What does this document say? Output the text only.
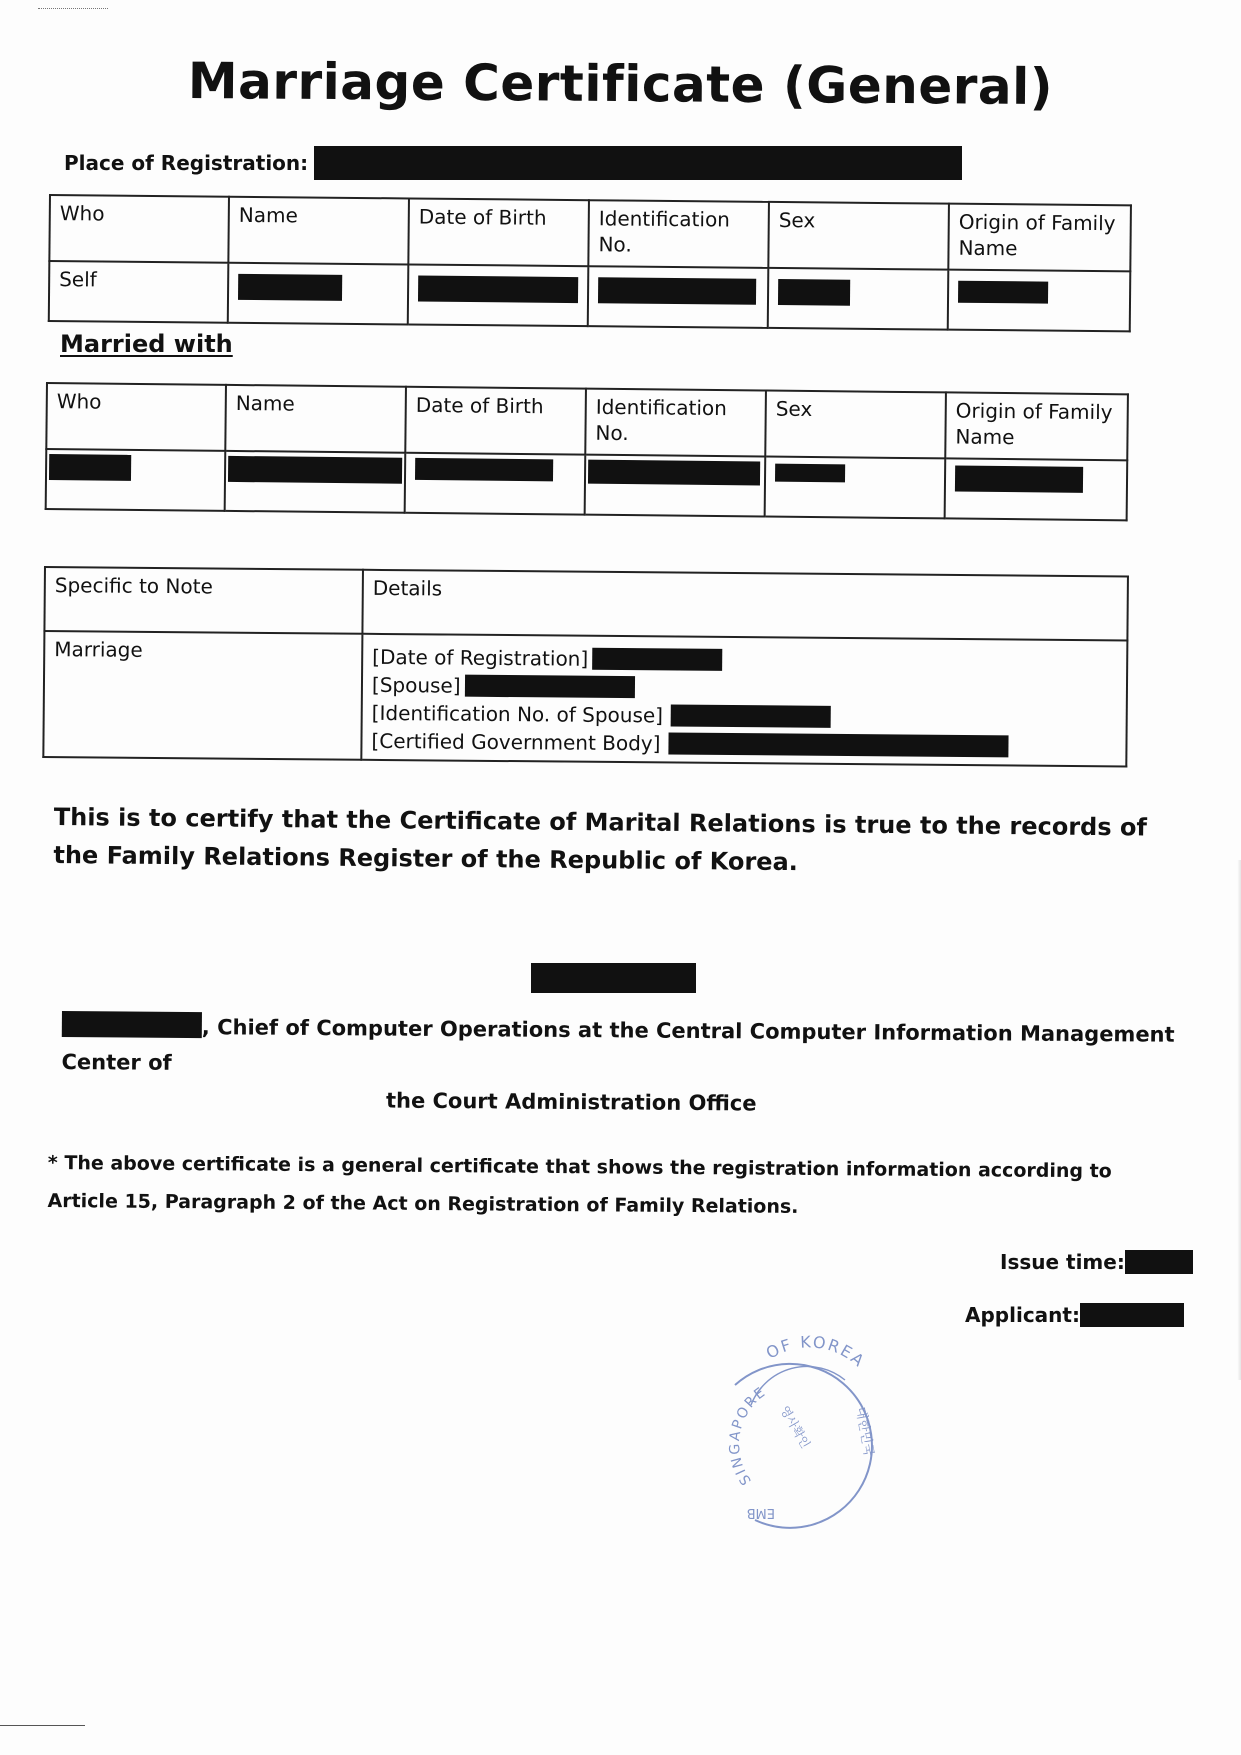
Marriage Certificate (General)
Place of Registration:
Who	Name	Date of Birth	Identification No.	Sex	Origin of Family Name
Self	

Married with
Who	Name	Date of Birth	Identification No.	Sex	Origin of Family Name

Specific to Note	Details
Marriage	[Date of Registration]
[Spouse]
[Identification No. of Spouse]
[Certified Government Body]

This is to certify that the Certificate of Marital Relations is true to the records of the Family Relations Register of the Republic of Korea.

, Chief of Computer Operations at the Central Computer Information Management Center of
the Court Administration Office

* The above certificate is a general certificate that shows the registration information according to Article 15, Paragraph 2 of the Act on Registration of Family Relations.

Issue time:
Applicant:
OF KOREA
SINGAPORE
EMB
대한민국
영사확인
